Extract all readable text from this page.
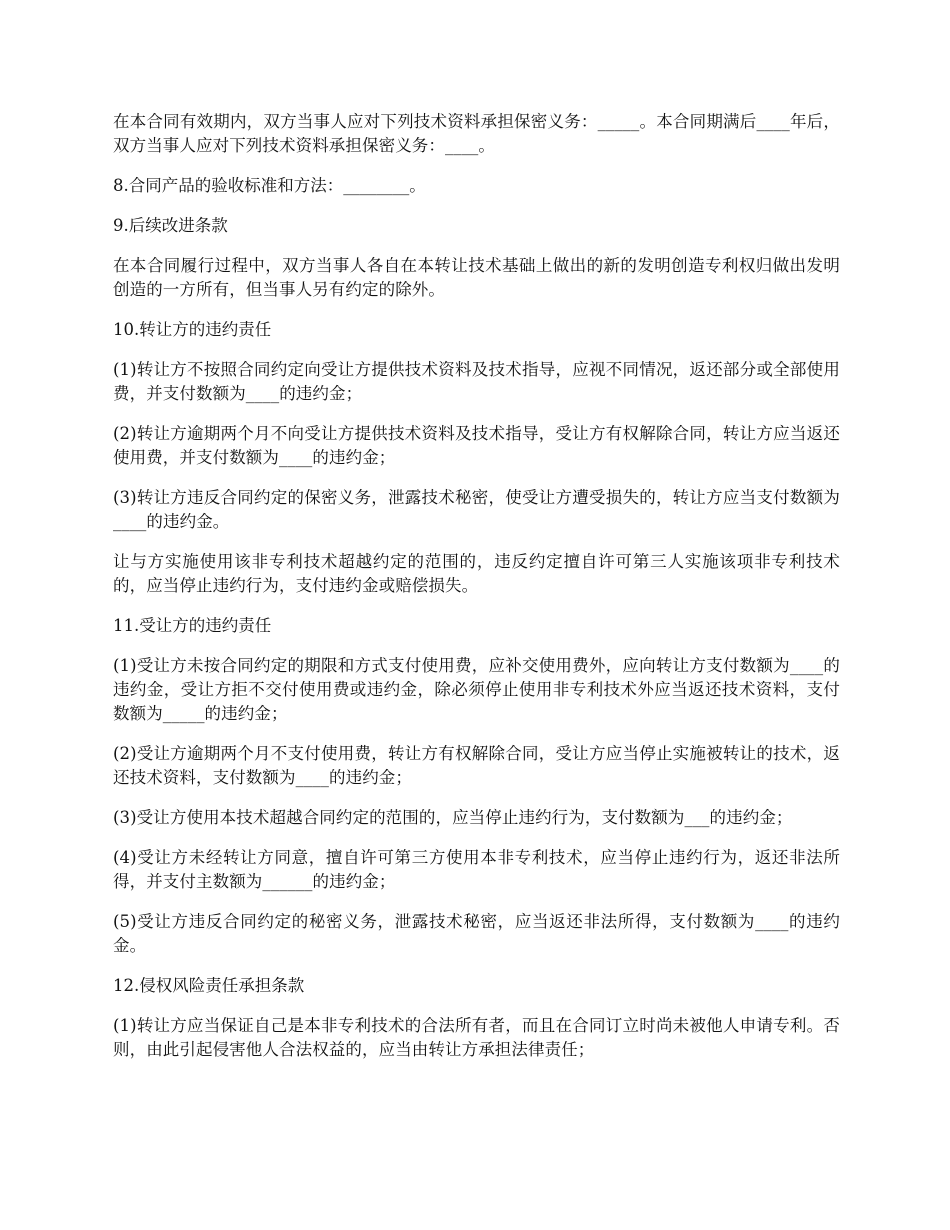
在本合同有效期内，双方当事人应对下列技术资料承担保密义务：_____。本合同期满后____年后，双方当事人应对下列技术资料承担保密义务：____。

8.合同产品的验收标准和方法：________。

9.后续改进条款

在本合同履行过程中，双方当事人各自在本转让技术基础上做出的新的发明创造专利权归做出发明创造的一方所有，但当事人另有约定的除外。

10.转让方的违约责任

(1)转让方不按照合同约定向受让方提供技术资料及技术指导，应视不同情况，返还部分或全部使用费，并支付数额为____的违约金；

(2)转让方逾期两个月不向受让方提供技术资料及技术指导，受让方有权解除合同，转让方应当返还使用费，并支付数额为____的违约金；

(3)转让方违反合同约定的保密义务，泄露技术秘密，使受让方遭受损失的，转让方应当支付数额为____的违约金。

让与方实施使用该非专利技术超越约定的范围的，违反约定擅自许可第三人实施该项非专利技术的，应当停止违约行为，支付违约金或赔偿损失。

11.受让方的违约责任

(1)受让方未按合同约定的期限和方式支付使用费，应补交使用费外，应向转让方支付数额为____的违约金，受让方拒不交付使用费或违约金，除必须停止使用非专利技术外应当返还技术资料，支付数额为_____的违约金；

(2)受让方逾期两个月不支付使用费，转让方有权解除合同，受让方应当停止实施被转让的技术，返还技术资料，支付数额为____的违约金；

(3)受让方使用本技术超越合同约定的范围的，应当停止违约行为，支付数额为___的违约金；

(4)受让方未经转让方同意，擅自许可第三方使用本非专利技术，应当停止违约行为，返还非法所得，并支付主数额为______的违约金；

(5)受让方违反合同约定的秘密义务，泄露技术秘密，应当返还非法所得，支付数额为____的违约金。

12.侵权风险责任承担条款

(1)转让方应当保证自己是本非专利技术的合法所有者，而且在合同订立时尚未被他人申请专利。否则，由此引起侵害他人合法权益的，应当由转让方承担法律责任；
